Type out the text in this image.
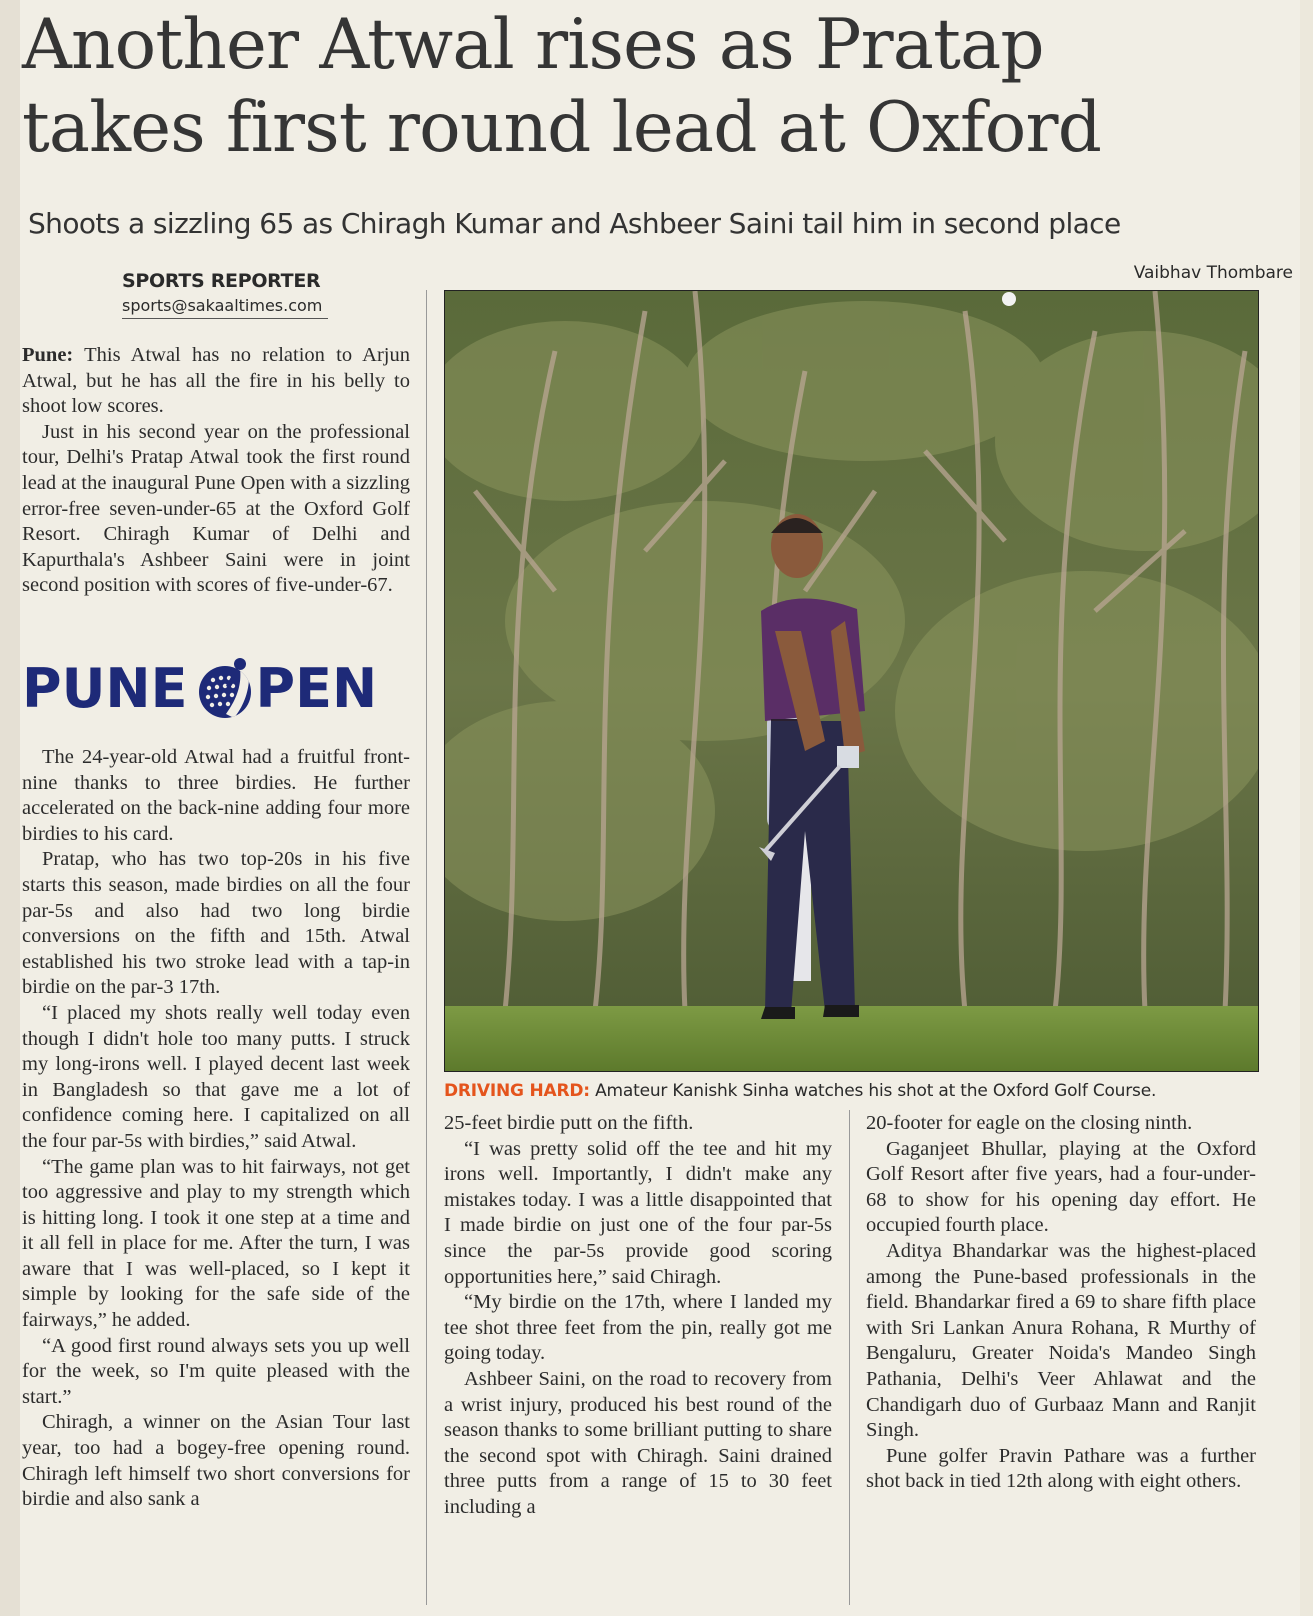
Another Atwal rises as Pratap
takes first round lead at Oxford
Shoots a sizzling 65 as Chiragh Kumar and Ashbeer Saini tail him in second place
SPORTS REPORTER
sports@sakaaltimes.com
Vaibhav Thombare

Pune: This Atwal has no relation to Arjun Atwal, but he has all the fire in his belly to shoot low scores.

Just in his second year on the professional tour, Delhi's Pratap Atwal took the first round lead at the inaugural Pune Open with a sizzling error-free seven-under-65 at the Oxford Golf Resort. Chiragh Kumar of Delhi and Kapurthala's Ashbeer Saini were in joint second position with scores of five-under-67.

PUNE PEN

The 24-year-old Atwal had a fruitful front-nine thanks to three birdies. He further accelerated on the back-nine adding four more birdies to his card.

Pratap, who has two top-20s in his five starts this season, made birdies on all the four par-5s and also had two long birdie conversions on the fifth and 15th. Atwal established his two stroke lead with a tap-in birdie on the par-3 17th.

“I placed my shots really well today even though I didn't hole too many putts. I struck my long-irons well. I played decent last week in Bangladesh so that gave me a lot of confidence coming here. I capitalized on all the four par-5s with birdies,” said Atwal.

“The game plan was to hit fairways, not get too aggressive and play to my strength which is hitting long. I took it one step at a time and it all fell in place for me. After the turn, I was aware that I was well-placed, so I kept it simple by looking for the safe side of the fairways,” he added.

“A good first round always sets you up well for the week, so I'm quite pleased with the start.”

Chiragh, a winner on the Asian Tour last year, too had a bogey-free opening round. Chiragh left himself two short conversions for birdie and also sank a

DRIVING HARD: Amateur Kanishk Sinha watches his shot at the Oxford Golf Course.

25-feet birdie putt on the fifth.

“I was pretty solid off the tee and hit my irons well. Importantly, I didn't make any mistakes today. I was a little disappointed that I made birdie on just one of the four par-5s since the par-5s provide good scoring opportunities here,” said Chiragh.

“My birdie on the 17th, where I landed my tee shot three feet from the pin, really got me going today.

Ashbeer Saini, on the road to recovery from a wrist injury, produced his best round of the season thanks to some brilliant putting to share the second spot with Chiragh. Saini drained three putts from a range of 15 to 30 feet including a

20-footer for eagle on the closing ninth.

Gaganjeet Bhullar, playing at the Oxford Golf Resort after five years, had a four-under-68 to show for his opening day effort. He occupied fourth place.

Aditya Bhandarkar was the highest-placed among the Pune-based professionals in the field. Bhandarkar fired a 69 to share fifth place with Sri Lankan Anura Rohana, R Murthy of Bengaluru, Greater Noida's Mandeo Singh Pathania, Delhi's Veer Ahlawat and the Chandigarh duo of Gurbaaz Mann and Ranjit Singh.

Pune golfer Pravin Pathare was a further shot back in tied 12th along with eight others.
